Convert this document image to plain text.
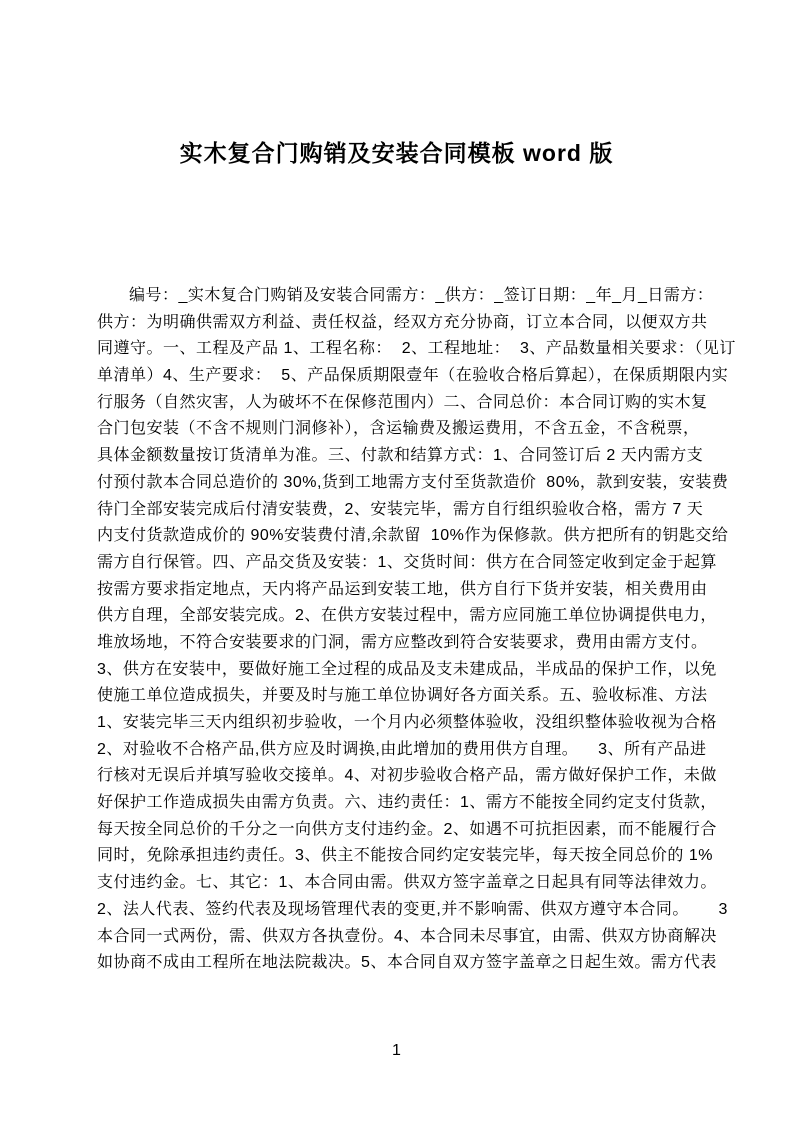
实木复合门购销及安装合同模板 word 版
编号：_实木复合门购销及安装合同需方：_供方：_签订日期：_年_月_日需方：
供方：为明确供需双方利益、责任权益，经双方充分协商，订立本合同，以便双方共
同遵守。一、工程及产品 1、工程名称：  2、工程地址：  3、产品数量相关要求：（见订
单清单）4、生产要求：  5、产品保质期限壹年（在验收合格后算起），在保质期限内实
行服务（自然灾害，人为破坏不在保修范围内）二、合同总价：本合同订购的实木复
合门包安装（不含不规则门洞修补），含运输费及搬运费用，不含五金，不含税票，
具体金额数量按订货清单为准。三、付款和结算方式：1、合同签订后 2 天内需方支
付预付款本合同总造价的 30%,货到工地需方支付至货款造价  80%，款到安装，安装费
待门全部安装完成后付清安装费，2、安装完毕，需方自行组织验收合格，需方 7 天
内支付货款造成价的 90%安装费付清,余款留  10%作为保修款。供方把所有的钥匙交给
需方自行保管。四、产品交货及安装：1、交货时间：供方在合同签定收到定金于起算
按需方要求指定地点，天内将产品运到安装工地，供方自行下货并安装，相关费用由
供方自理，全部安装完成。2、在供方安装过程中，需方应同施工单位协调提供电力，
堆放场地，不符合安装要求的门洞，需方应整改到符合安装要求，费用由需方支付。
3、供方在安装中，要做好施工全过程的成品及支未建成品，半成品的保护工作，以免
使施工单位造成损失，并要及时与施工单位协调好各方面关系。五、验收标准、方法
1、安装完毕三天内组织初步验收，一个月内必须整体验收，没组织整体验收视为合格
2、对验收不合格产品,供方应及时调换,由此增加的费用供方自理。    3、所有产品进
行核对无误后并填写验收交接单。4、对初步验收合格产品，需方做好保护工作，未做
好保护工作造成损失由需方负责。六、违约责任：1、需方不能按全同约定支付货款，
每天按全同总价的千分之一向供方支付违约金。2、如遇不可抗拒因素，而不能履行合
同时，免除承担违约责任。3、供主不能按合同约定安装完毕，每天按全同总价的 1%
支付违约金。七、其它：1、本合同由需。供双方签字盖章之日起具有同等法律效力。
2、法人代表、签约代表及现场管理代表的变更,并不影响需、供双方遵守本合同。      3
本合同一式两份，需、供双方各执壹份。4、本合同未尽事宜，由需、供双方协商解决
如协商不成由工程所在地法院裁决。5、本合同自双方签字盖章之日起生效。需方代表
1
